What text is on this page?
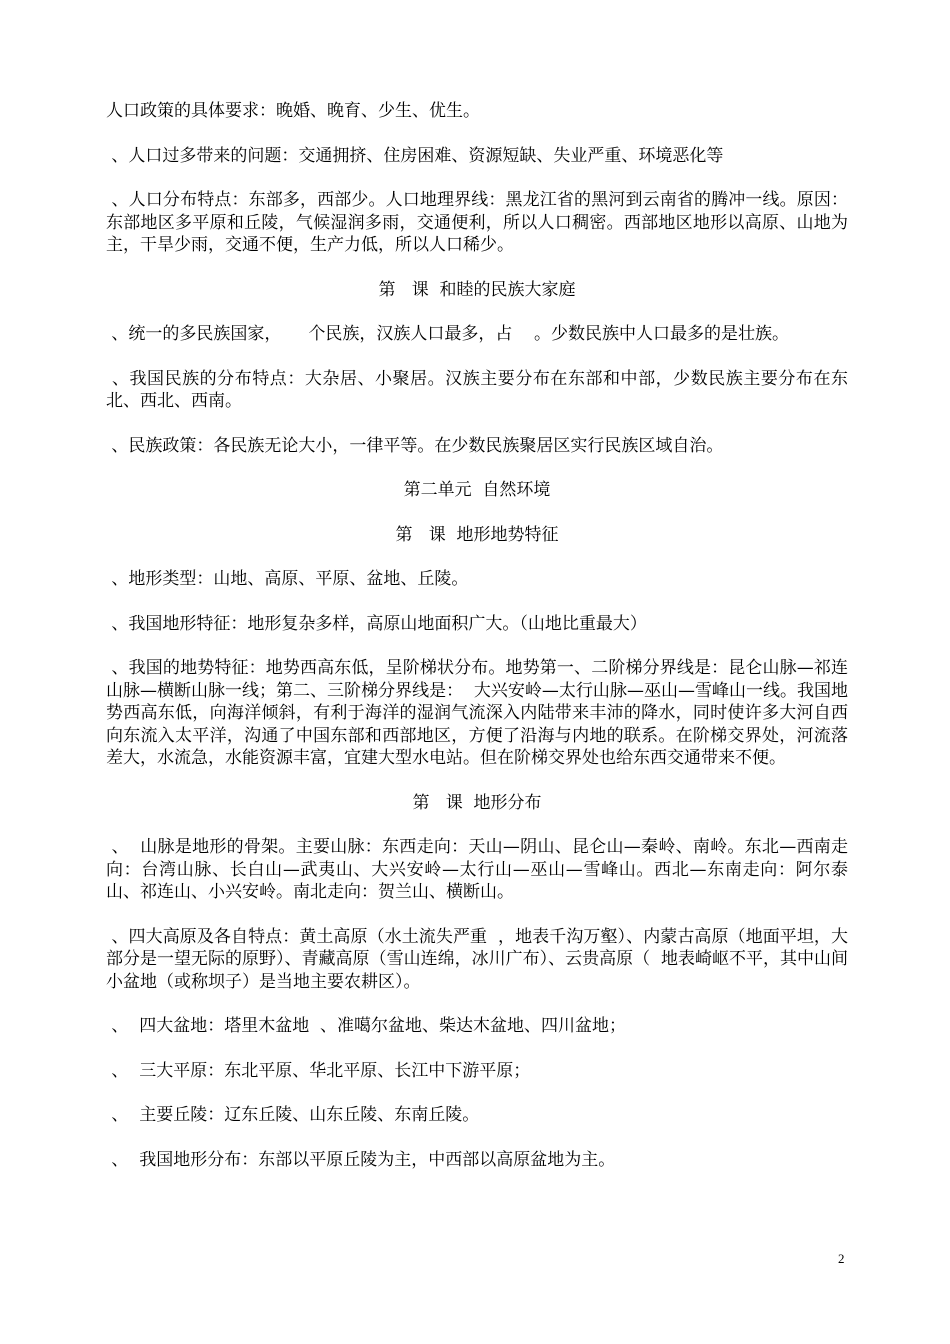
人口政策的具体要求：晚婚、晚育、少生、优生。

、人口过多带来的问题：交通拥挤、住房困难、资源短缺、失业严重、环境恶化等

、人口分布特点：东部多，西部少。人口地理界线：黑龙江省的黑河到云南省的腾冲一线。原因：东部地区多平原和丘陵，气候湿润多雨，交通便利，所以人口稠密。西部地区地形以高原、山地为主，干旱少雨，交通不便，生产力低，所以人口稀少。

第   课  和睦的民族大家庭

、统一的多民族国家，     个民族，汉族人口最多，占    。少数民族中人口最多的是壮族。

、我国民族的分布特点：大杂居、小聚居。汉族主要分布在东部和中部，少数民族主要分布在东北、西北、西南。

、民族政策：各民族无论大小，一律平等。在少数民族聚居区实行民族区域自治。

第二单元  自然环境

第   课  地形地势特征

、地形类型：山地、高原、平原、盆地、丘陵。

、我国地形特征：地形复杂多样，高原山地面积广大。（山地比重最大）

、我国的地势特征：地势西高东低，呈阶梯状分布。地势第一、二阶梯分界线是：昆仑山脉—祁连山脉—横断山脉一线；第二、三阶梯分界线是：  大兴安岭—太行山脉—巫山—雪峰山一线。我国地势西高东低，向海洋倾斜，有利于海洋的湿润气流深入内陆带来丰沛的降水，同时使许多大河自西向东流入太平洋，沟通了中国东部和西部地区，方便了沿海与内地的联系。在阶梯交界处，河流落差大，水流急，水能资源丰富，宜建大型水电站。但在阶梯交界处也给东西交通带来不便。

第   课  地形分布

、  山脉是地形的骨架。主要山脉：东西走向：天山—阴山、昆仑山—秦岭、南岭。东北—西南走向：台湾山脉、长白山—武夷山、大兴安岭—太行山—巫山—雪峰山。西北—东南走向：阿尔泰山、祁连山、小兴安岭。南北走向：贺兰山、横断山。

、四大高原及各自特点：黄土高原（水土流失严重  ，地表千沟万壑）、内蒙古高原（地面平坦，大部分是一望无际的原野）、青藏高原（雪山连绵，冰川广布）、云贵高原（  地表崎岖不平，其中山间小盆地（或称坝子）是当地主要农耕区）。

、  四大盆地：塔里木盆地  、准噶尔盆地、柴达木盆地、四川盆地；

、  三大平原：东北平原、华北平原、长江中下游平原；

、  主要丘陵：辽东丘陵、山东丘陵、东南丘陵。

、  我国地形分布：东部以平原丘陵为主，中西部以高原盆地为主。

2
